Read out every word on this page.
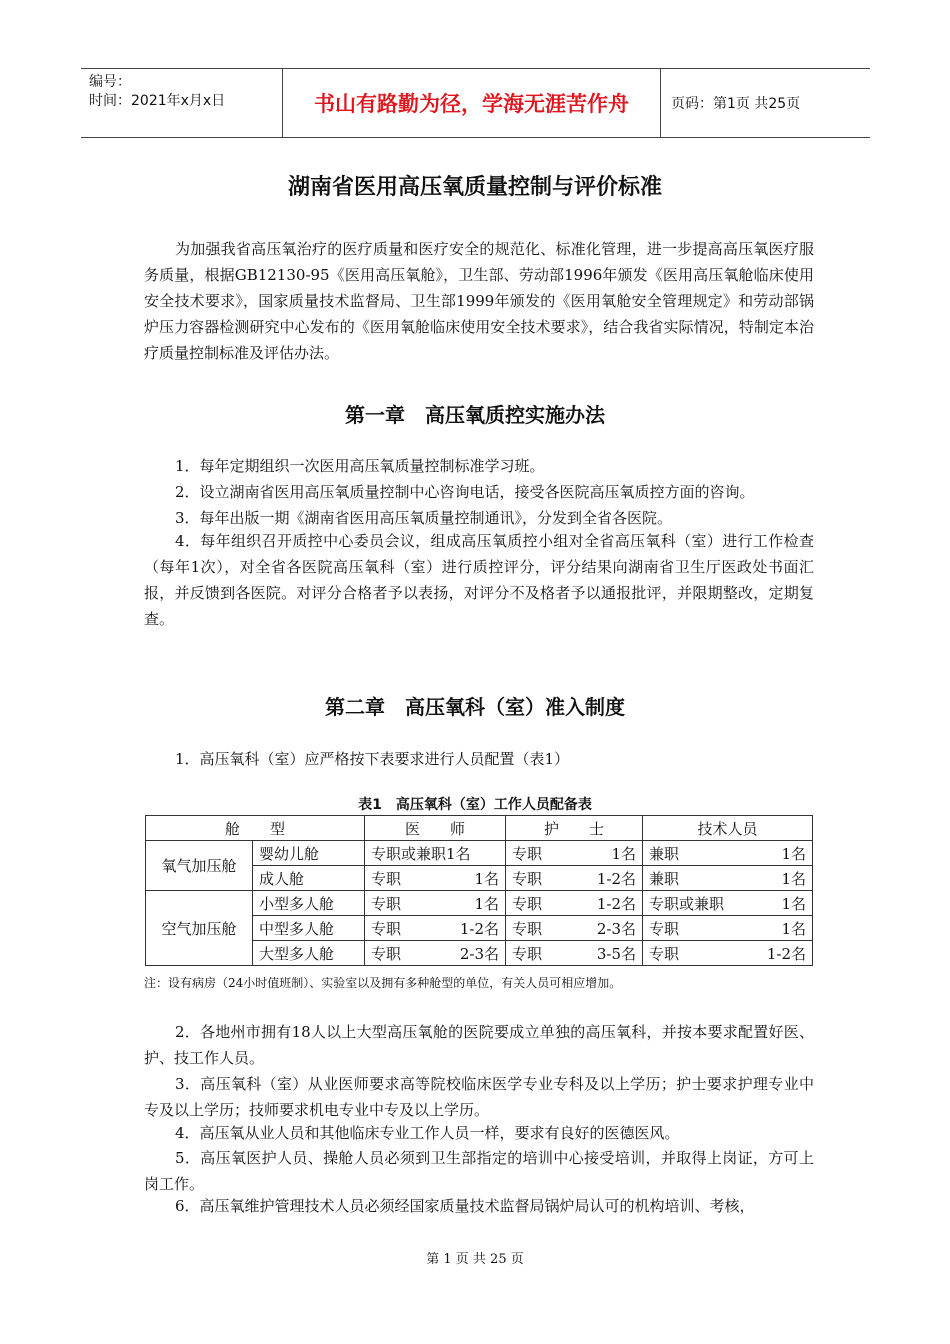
编号：
时间：2021年x月x日	书山有路勤为径，学海无涯苦作舟	页码：第1页 共25页
湖南省医用高压氧质量控制与评价标准

为加强我省高压氧治疗的医疗质量和医疗安全的规范化、标准化管理，进一步提高高压氧医疗服务质量，根据GB12130-95《医用高压氧舱》，卫生部、劳动部1996年颁发《医用高压氧舱临床使用安全技术要求》，国家质量技术监督局、卫生部1999年颁发的《医用氧舱安全管理规定》和劳动部锅炉压力容器检测研究中心发布的《医用氧舱临床使用安全技术要求》，结合我省实际情况，特制定本治疗质量控制标准及评估办法。

第一章　高压氧质控实施办法

1．每年定期组织一次医用高压氧质量控制标准学习班。

2．设立湖南省医用高压氧质量控制中心咨询电话，接受各医院高压氧质控方面的咨询。

3．每年出版一期《湖南省医用高压氧质量控制通讯》，分发到全省各医院。

4．每年组织召开质控中心委员会议，组成高压氧质控小组对全省高压氧科（室）进行工作检查（每年1次），对全省各医院高压氧科（室）进行质控评分，评分结果向湖南省卫生厅医政处书面汇报，并反馈到各医院。对评分合格者予以表扬，对评分不及格者予以通报批评，并限期整改，定期复查。

第二章　高压氧科（室）准入制度

1．高压氧科（室）应严格按下表要求进行人员配置（表1）

表1　高压氧科（室）工作人员配备表
舱　　型		医　　师	护　　士	技术人员
氧气加压舱	婴幼儿舱	专职或兼职1名	专职 1名	兼职 1名

	成人舱	专职 1名	专职 1-2名	兼职 1名

空气加压舱	小型多人舱	专职 1名	专职 1-2名	专职或兼职 1名

	中型多人舱	专职 1-2名	专职 2-3名	专职 1名

	大型多人舱	专职 2-3名	专职 3-5名	专职 1-2名
注：设有病房（24小时值班制）、实验室以及拥有多种舱型的单位，有关人员可相应增加。

2．各地州市拥有18人以上大型高压氧舱的医院要成立单独的高压氧科，并按本要求配置好医、护、技工作人员。

3．高压氧科（室）从业医师要求高等院校临床医学专业专科及以上学历；护士要求护理专业中专及以上学历；技师要求机电专业中专及以上学历。

4．高压氧从业人员和其他临床专业工作人员一样，要求有良好的医德医风。

5．高压氧医护人员、操舱人员必须到卫生部指定的培训中心接受培训，并取得上岗证，方可上岗工作。

6．高压氧维护管理技术人员必须经国家质量技术监督局锅炉局认可的机构培训、考核，

第 1 页 共 25 页
